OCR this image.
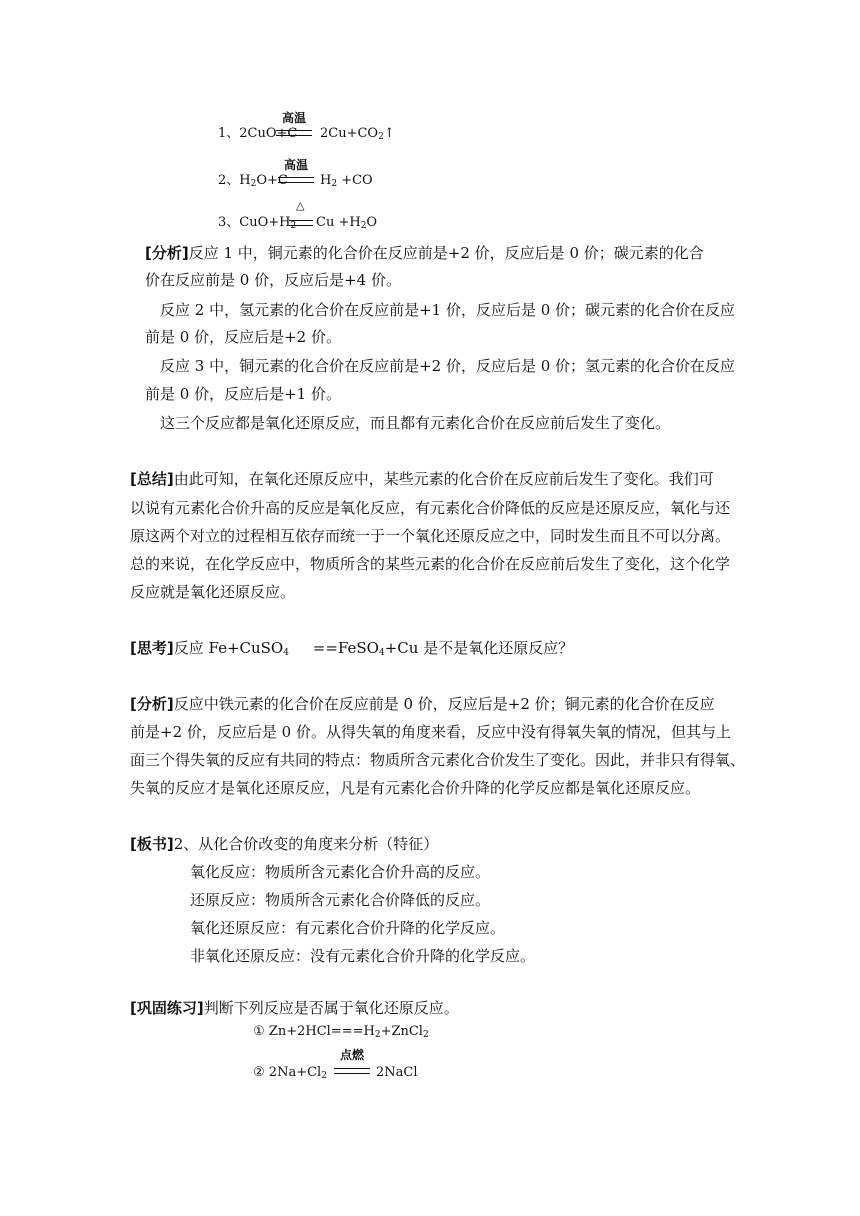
1、2CuO+C
高温
$2Cu+CO_2↑$
2、$H_2O+C$
高温
$H_2 +CO$
3、$CuO+H_2$
△
$Cu +H_2O$
[分析]反应 1 中，铜元素的化合价在反应前是+2 价，反应后是 0 价；碳元素的化合
价在反应前是 0 价，反应后是+4 价。
反应 2 中，氢元素的化合价在反应前是+1 价，反应后是 0 价；碳元素的化合价在反应
前是 0 价，反应后是+2 价。
反应 3 中，铜元素的化合价在反应前是+2 价，反应后是 0 价；氢元素的化合价在反应
前是 0 价，反应后是+1 价。
这三个反应都是氧化还原反应，而且都有元素化合价在反应前后发生了变化。
[总结]由此可知，在氧化还原反应中，某些元素的化合价在反应前后发生了变化。我们可
以说有元素化合价升高的反应是氧化反应，有元素化合价降低的反应是还原反应，氧化与还
原这两个对立的过程相互依存而统一于一个氧化还原反应之中，同时发生而且不可以分离。
总的来说，在化学反应中，物质所含的某些元素的化合价在反应前后发生了变化，这个化学
反应就是氧化还原反应。
[思考]反应 Fe+CuSO$_4$     ==FeSO$_4$+Cu 是不是氧化还原反应？
[分析]反应中铁元素的化合价在反应前是 0 价，反应后是+2 价；铜元素的化合价在反应
前是+2 价，反应后是 0 价。从得失氧的角度来看，反应中没有得氧失氧的情况，但其与上
面三个得失氧的反应有共同的特点：物质所含元素化合价发生了变化。因此，并非只有得氧、
失氧的反应才是氧化还原反应，凡是有元素化合价升降的化学反应都是氧化还原反应。
[板书]2、从化合价改变的角度来分析（特征）
氧化反应：物质所含元素化合价升高的反应。
还原反应：物质所含元素化合价降低的反应。
氧化还原反应：有元素化合价升降的化学反应。
非氧化还原反应：没有元素化合价升降的化学反应。
[巩固练习]判断下列反应是否属于氧化还原反应。
① $Zn+2HCl===H_2+ZnCl_2$
② $2Na+Cl_2$
点燃
2NaCl
